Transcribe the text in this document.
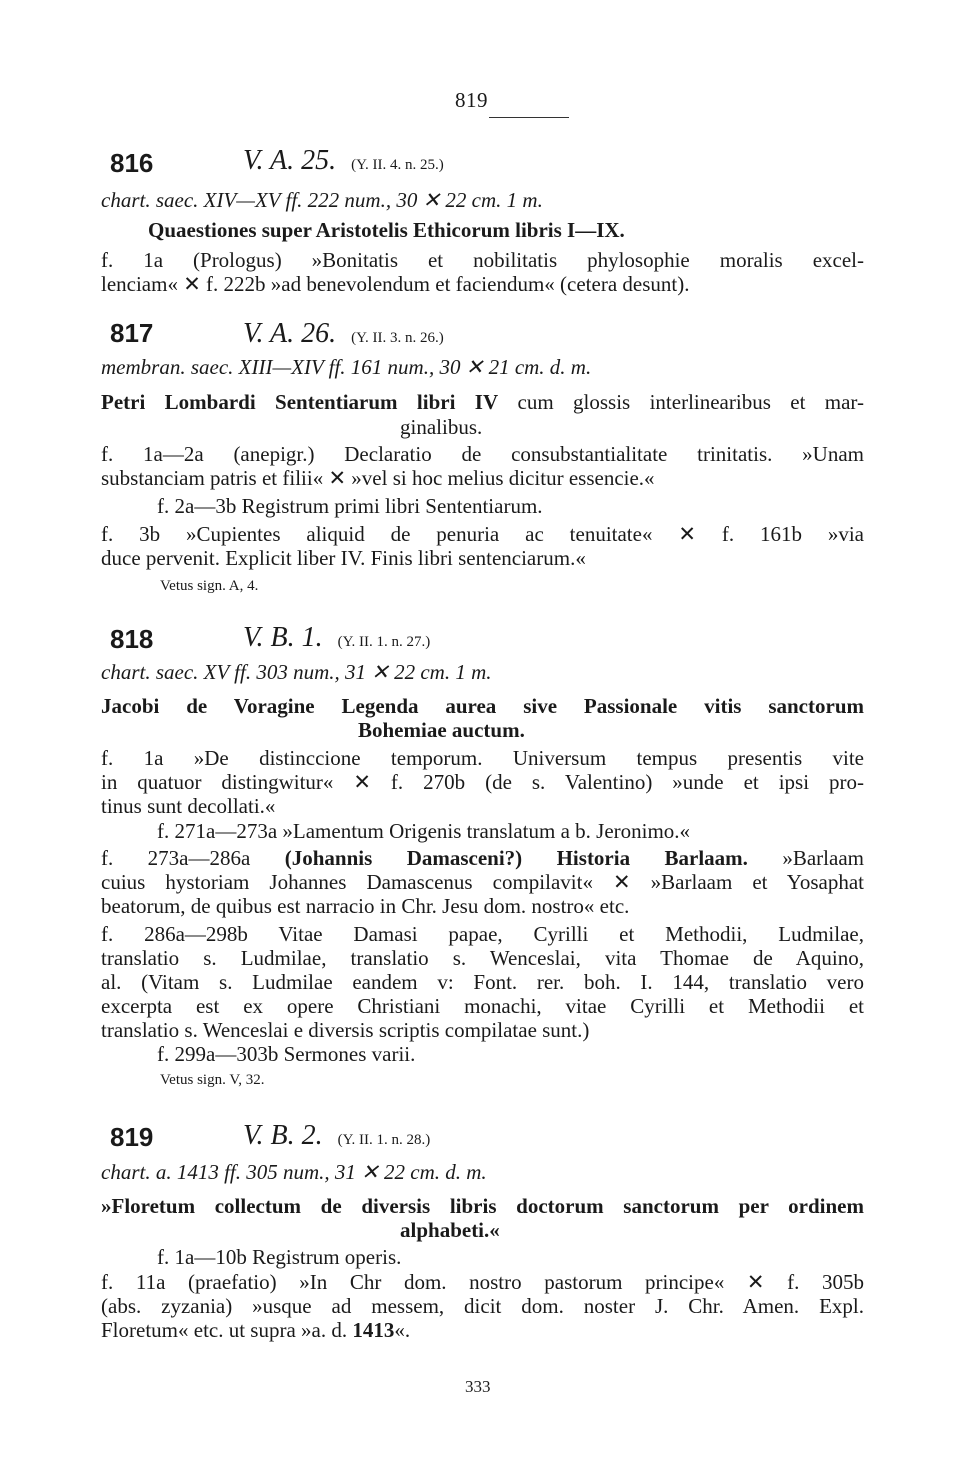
819
816	V. A. 25. (Y. II. 4. n. 25.)
chart. saec. XIV—XV ff. 222 num., 30 ✕ 22 cm. 1 m.
Quaestiones super Aristotelis Ethicorum libris I—IX.
f. 1a (Prologus) »Bonitatis et nobilitatis phylosophie moralis excel-
lenciam« ✕ f. 222b »ad benevolendum et faciendum« (cetera desunt).
817	V. A. 26. (Y. II. 3. n. 26.)
membran. saec. XIII—XIV ff. 161 num., 30 ✕ 21 cm. d. m.
Petri Lombardi Sententiarum libri IV cum glossis interlinearibus et mar-
ginalibus.
f. 1a—2a (anepigr.) Declaratio de consubstantialitate trinitatis. »Unam
substanciam patris et filii« ✕ »vel si hoc melius dicitur essencie.«
f. 2a—3b Registrum primi libri Sententiarum.
f. 3b »Cupientes aliquid de penuria ac tenuitate« ✕ f. 161b »via
duce pervenit. Explicit liber IV. Finis libri sentenciarum.«
Vetus sign. A, 4.
818	V. B. 1. (Y. II. 1. n. 27.)
chart. saec. XV ff. 303 num., 31 ✕ 22 cm. 1 m.
Jacobi de Voragine Legenda aurea sive Passionale vitis sanctorum
Bohemiae auctum.
f. 1a »De distinccione temporum. Universum tempus presentis vite
in quatuor distingwitur« ✕ f. 270b (de s. Valentino) »unde et ipsi pro-
tinus sunt decollati.«
f. 271a—273a »Lamentum Origenis translatum a b. Jeronimo.«
f. 273a—286a (Johannis Damasceni?) Historia Barlaam. »Barlaam
cuius hystoriam Johannes Damascenus compilavit« ✕ »Barlaam et Yosaphat
beatorum, de quibus est narracio in Chr. Jesu dom. nostro« etc.
f. 286a—298b Vitae Damasi papae, Cyrilli et Methodii, Ludmilae,
translatio s. Ludmilae, translatio s. Wenceslai, vita Thomae de Aquino,
al. (Vitam s. Ludmilae eandem v: Font. rer. boh. I. 144, translatio vero
excerpta est ex opere Christiani monachi, vitae Cyrilli et Methodii et
translatio s. Wenceslai e diversis scriptis compilatae sunt.)
f. 299a—303b Sermones varii.
Vetus sign. V, 32.
819	V. B. 2. (Y. II. 1. n. 28.)
chart. a. 1413 ff. 305 num., 31 ✕ 22 cm. d. m.
»Floretum collectum de diversis libris doctorum sanctorum per ordinem
alphabeti.«
f. 1a—10b Registrum operis.
f. 11a (praefatio) »In Chr dom. nostro pastorum principe« ✕ f. 305b
(abs. zyzania) »usque ad messem, dicit dom. noster J. Chr. Amen. Expl.
Floretum« etc. ut supra »a. d. 1413«.
333
